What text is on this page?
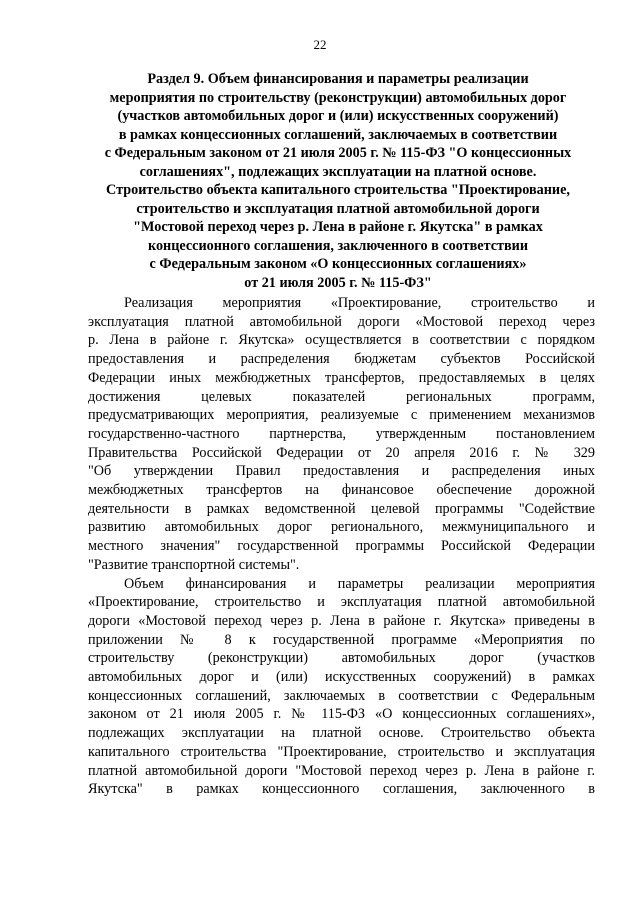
22
Раздел 9. Объем финансирования и параметры реализации
мероприятия по строительству (реконструкции) автомобильных дорог
(участков автомобильных дорог и (или) искусственных сооружений)
в рамках концессионных соглашений, заключаемых в соответствии
с Федеральным законом от 21 июля 2005 г. № 115-ФЗ "О концессионных
соглашениях", подлежащих эксплуатации на платной основе.
Строительство объекта капитального строительства "Проектирование,
строительство и эксплуатация платной автомобильной дороги
"Мостовой переход через р. Лена в районе г. Якутска" в рамках
концессионного соглашения, заключенного в соответствии
с Федеральным законом «О концессионных соглашениях»
от 21 июля 2005 г. № 115-ФЗ"
Реализация мероприятия «Проектирование, строительство и
эксплуатация платной автомобильной дороги «Мостовой переход через
р. Лена в районе г. Якутска» осуществляется в соответствии с порядком
предоставления и распределения бюджетам субъектов Российской
Федерации иных межбюджетных трансфертов, предоставляемых в целях
достижения целевых показателей региональных программ,
предусматривающих мероприятия, реализуемые с применением механизмов
государственно-частного партнерства, утвержденным постановлением
Правительства Российской Федерации от 20 апреля 2016 г. № 329
"Об утверждении Правил предоставления и распределения иных
межбюджетных трансфертов на финансовое обеспечение дорожной
деятельности в рамках ведомственной целевой программы "Содействие
развитию автомобильных дорог регионального, межмуниципального и
местного значения" государственной программы Российской Федерации
"Развитие транспортной системы".
Объем финансирования и параметры реализации мероприятия
«Проектирование, строительство и эксплуатация платной автомобильной
дороги «Мостовой переход через р. Лена в районе г. Якутска» приведены в
приложении № 8 к государственной программе «Мероприятия по
строительству (реконструкции) автомобильных дорог (участков
автомобильных дорог и (или) искусственных сооружений) в рамках
концессионных соглашений, заключаемых в соответствии с Федеральным
законом от 21 июля 2005 г. № 115-ФЗ «О концессионных соглашениях»,
подлежащих эксплуатации на платной основе. Строительство объекта
капитального строительства "Проектирование, строительство и эксплуатация
платной автомобильной дороги "Мостовой переход через р. Лена в районе г.
Якутска" в рамках концессионного соглашения, заключенного в
